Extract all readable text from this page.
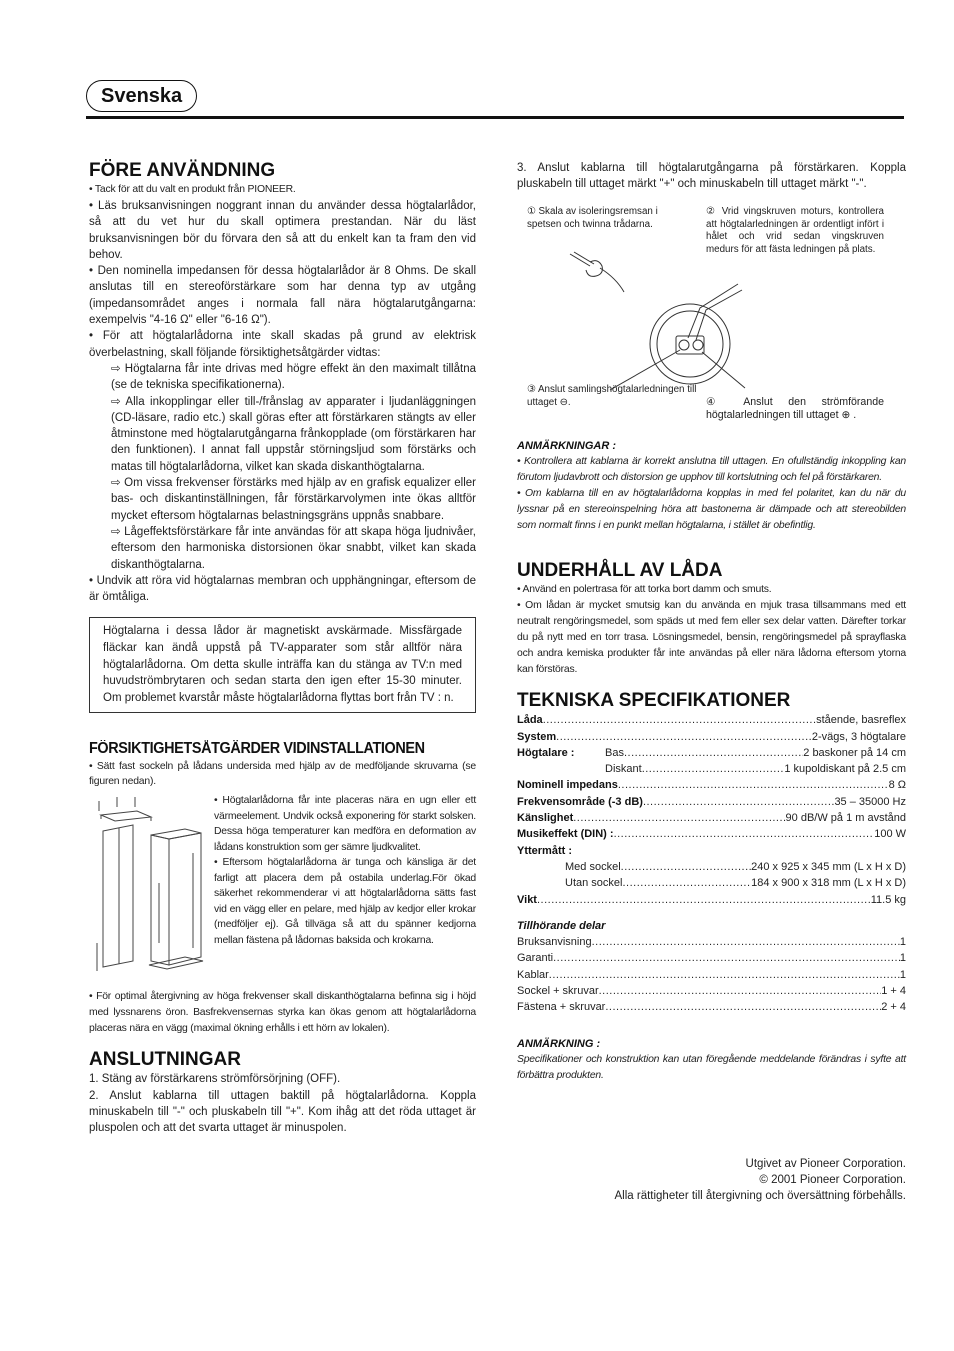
Svenska
FÖRE ANVÄNDNING

• Tack för att du valt en produkt från PIONEER.

• Läs bruksanvisningen noggrant innan du använder dessa högtalarlådor, så att du vet hur du skall optimera prestandan. När du läst bruksanvisningen bör du förvara den så att du enkelt kan ta fram den vid behov.

• Den nominella impedansen för dessa högtalarlådor är 8 Ohms. De skall anslutas till en stereoförstärkare som har denna typ av utgång (impedansområdet anges i normala fall nära högtalarutgångarna: exempelvis "4-16 Ω" eller "6-16 Ω").

• För att högtalarlådorna inte skall skadas på grund av elektrisk överbelastning, skall följande försiktighetsåtgärder vidtas:

⇨ Högtalarna får inte drivas med högre effekt än den maximalt tillåtna (se de tekniska specifikationerna).

⇨ Alla inkopplingar eller till-/frånslag av apparater i ljudanläggningen (CD-läsare, radio etc.) skall göras efter att förstärkaren stängts av eller åtminstone med högtalarutgångarna frånkopplade (om förstärkaren har den funktionen). I annat fall uppstår störningsljud som förstärks och matas till högtalarlådorna, vilket kan skada diskanthögtalarna.

⇨ Om vissa frekvenser förstärks med hjälp av en grafisk equalizer eller bas- och diskantinställningen, får förstärkarvolymen inte ökas alltför mycket eftersom högtalarnas belastningsgräns uppnås snabbare.

⇨ Lågeffektsförstärkare får inte användas för att skapa höga ljudnivåer, eftersom den harmoniska distorsionen ökar snabbt, vilket kan skada diskanthögtalarna.

• Undvik att röra vid högtalarnas membran och upphängningar, eftersom de är ömtåliga.

Högtalarna i dessa lådor är magnetiskt avskärmade. Missfärgade fläckar kan ändå uppstå på TV-apparater som står alltför nära högtalarlådorna. Om detta skulle inträffa kan du stänga av TV:n med huvudströmbrytaren och sedan starta den igen efter 15-30 minuter. Om problemet kvarstår måste högtalarlådorna flyttas bort från TV : n.

FÖRSIKTIGHETSÅTGÄRDER VIDINSTALLATIONEN

• Sätt fast sockeln på lådans undersida med hjälp av de medföljande skruvarna (se figuren nedan).

• Högtalarlådorna får inte placeras nära en ugn eller ett värmeelement. Undvik också exponering för starkt solsken. Dessa höga temperaturer kan medföra en deformation av lådans konstruktion som ger sämre ljudkvalitet.

• Eftersom högtalarlådorna är tunga och känsliga är det farligt att placera dem på ostabila underlag.För ökad säkerhet rekommenderar vi att högtalarlådorna sätts fast vid en vägg eller en pelare, med hjälp av kedjor eller krokar (medföljer ej). Gå tillväga så att du spänner kedjorna mellan fästena på lådornas baksida och krokarna.

• För optimal återgivning av höga frekvenser skall diskanthögtalarna befinna sig i höjd med lyssnarens öron. Basfrekvensernas styrka kan ökas genom att högtalarlådorna placeras nära en vägg (maximal ökning erhålls i ett hörn av lokalen).

ANSLUTNINGAR

1. Stäng av förstärkarens strömförsörjning (OFF).

2. Anslut kablarna till uttagen baktill på högtalarlådorna. Koppla minuskabeln till "-" och pluskabeln till "+". Kom ihåg att det röda uttaget är pluspolen och att det svarta uttaget är minuspolen.

3. Anslut kablarna till högtalarutgångarna på förstärkaren. Koppla pluskabeln till uttaget märkt "+" och minuskabeln till uttaget märkt "-".

① Skala av isoleringsremsan i spetsen och twinna trådarna.
② Vrid vingskruven moturs, kontrollera att högtalarledningen är ordentligt infört i hålet och vrid sedan vingskruven medurs för att fästa ledningen på plats.
③ Anslut samlingshögtalarledningen till uttaget ⊖.	④ Anslut den strömförande högtalarledningen till uttaget ⊕ .

ANMÄRKNINGAR :

• Kontrollera att kablarna är korrekt anslutna till uttagen. En ofullständig inkoppling kan förutom ljudavbrott och distorsion ge upphov till kortslutning och fel på förstärkaren.

• Om kablarna till en av högtalarlådorna kopplas in med fel polaritet, kan du när du lyssnar på en stereoinspelning höra att bastonerna är dämpade och att stereobilden som normalt finns i en punkt mellan högtalarna, i stället är obefintlig.

UNDERHÅLL AV LÅDA

• Använd en polertrasa för att torka bort damm och smuts.

• Om lådan är mycket smutsig kan du använda en mjuk trasa tillsammans med ett neutralt rengöringsmedel, som späds ut med fem eller sex delar vatten. Därefter torkar du på nytt med en torr trasa. Lösningsmedel, bensin, rengöringsmedel på sprayflaska och andra kemiska produkter får inte användas på eller nära lådorna eftersom ytorna kan förstöras.

TEKNISKA SPECIFIKATIONER
Låda .....	stående, basreflex
System .....	2-vägs, 3 högtalare
Högtalare :	Bas .....	2 baskoner på 14 cm
Diskant .....	1 kupoldiskant på 2.5 cm
Nominell impedans .....	8 Ω
Frekvensområde (-3 dB) .....	35 – 35000 Hz
Känslighet .....	90 dB/W på 1 m avstånd
Musikeffekt (DIN) : .....	100 W
Yttermått :
Med sockel .....	240 x 925 x 345 mm (L x H x D)
Utan sockel .....	184 x 900 x 318 mm (L x H x D)
Vikt .....	11.5 kg

Tillhörande delar

Bruksanvisning .....	1
Garanti .....	1
Kablar .....	1
Sockel + skruvar .....	1 + 4
Fästena + skruvar .....	2 + 4

ANMÄRKNING :

Specifikationer och konstruktion kan utan föregående meddelande förändras i syfte att förbättra produkten.

Utgivet av Pioneer Corporation.
© 2001 Pioneer Corporation.
Alla rättigheter till återgivning och översättning förbehålls.
